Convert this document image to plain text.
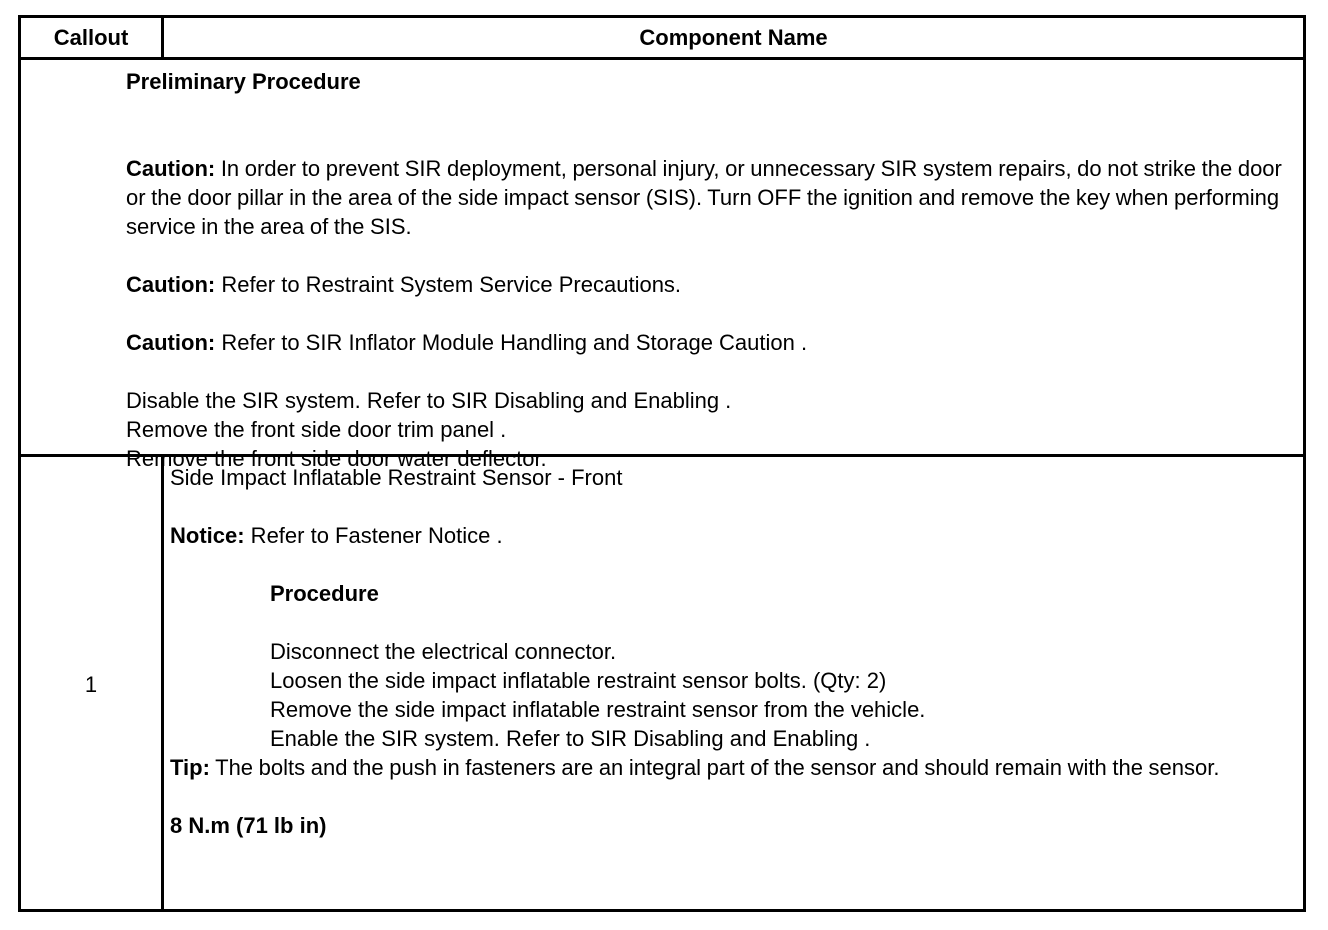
Callout	Component Name
Preliminary Procedure
Caution: In order to prevent SIR deployment, personal injury, or unnecessary SIR system repairs, do not strike the door or the door pillar in the area of the side impact sensor (SIS). Turn OFF the ignition and remove the key when performing service in the area of the SIS.
Caution: Refer to Restraint System Service Precautions.
Caution: Refer to SIR Inflator Module Handling and Storage Caution .
Disable the SIR system. Refer to SIR Disabling and Enabling .
Remove the front side door trim panel .
Remove the front side door water deflector.
1
Side Impact Inflatable Restraint Sensor - Front
Notice: Refer to Fastener Notice .
Procedure
Disconnect the electrical connector.
Loosen the side impact inflatable restraint sensor bolts. (Qty: 2)
Remove the side impact inflatable restraint sensor from the vehicle.
Enable the SIR system. Refer to SIR Disabling and Enabling .
Tip: The bolts and the push in fasteners are an integral part of the sensor and should remain with the sensor.
8 N.m (71 lb in)
